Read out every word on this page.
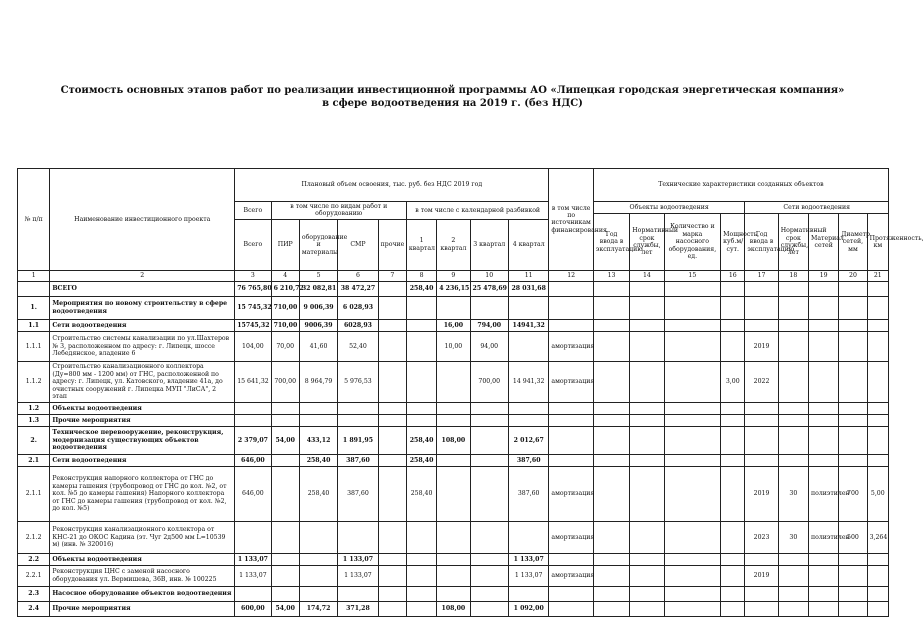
Стоимость основных этапов работ по реализации инвестиционной программы АО «Липецкая городская энергетическая компания»
в сфере водоотведения на 2019 г. (без НДС)
№ п/п	Наименование инвестиционного проекта	Плановый объем освоения, тыс. руб. без НДС 2019 год									в том числе по источникам финансирования	Технические характеристики созданных объектов								
		Всего	в том числе по видам работ и оборудованию				в том числе с календарной разбивкой					Объекты водоотведения				Сети водоотведения				
												Год ввода в эксплуатацию	Нормативный срок службы, лет	Количество и марка насосного оборудования, ед.	Мощность, куб.м/сут.	Год ввода в эксплуатацию	Нормативный срок службы, лет	Материал сетей	Диаметр сетей, мм	Протяженность, км
		Всего	ПИР	оборудование и материалы	СМР	прочие	1 квартал	2 квартал	3 квартал	4 квартал										
1	2	3	4	5	6	7	8	9	10	11	12	13	14	15	16	17	18	19	20	21
	ВСЕГО	76 765,80	6 210,72	32 082,81	38 472,27		258,40	4 236,15	25 478,69	28 031,68										
1.	Мероприятия по новому строительству в сфере водоотведения	15 745,32	710,00	9 006,39	6 028,93															
1.1	Сети водоотведения	15745,32	710,00	9006,39	6028,93			16,00	794,00	14941,32										
1.1.1	Строительство системы канализации по ул.Шахтеров № 3, расположенном по адресу: г. Липецк, шоссе Лебедянское, владение 6	104,00	70,00	41,60	52,40			10,00	94,00		амортизация					2019				
1.1.2	Строительство канализационного коллектора (Ду=800 мм - 1200 мм) от ГНС, расположенной по адресу: г. Липецк, ул. Катовского, владение 41а, до очистных сооружений г. Липецка МУП "ЛиСА", 2 этап	15 641,32	700,00	8 964,79	5 976,53				700,00	14 941,32	амортизация				3,00	2022				
1.2	Объекты водоотведения																			
1.3	Прочие мероприятия																			
2.	Техническое перевооружение, реконструкция, модернизация существующих объектов водоотведения	2 379,07	54,00	433,12	1 891,95		258,40	108,00		2 012,67										
2.1	Сети водоотведения	646,00		258,40	387,60		258,40			387,60										
2.1.1	Реконструкция напорного коллектора от ГНС до камеры гашения (трубопровод от ГНС до кол. №2, от кол. №5 до камеры гашения) Напорного коллектора от ГНС до камеры гашения (трубопровод от кол. №2, до кол. №5)	646,00		258,40	387,60		258,40			387,60	амортизация					2019	30	полиэтилен	700	5,00
2.1.2	Реконструкция канализационного коллектора от КНС-21 до ОКОС Кадина (эт. Чуг 2д500 мм L=10539 м) (инв. № 320016)										амортизация					2023	30	полиэтилен	500	3,264
2.2	Объекты водоотведения	1 133,07			1 133,07					1 133,07										
2.2.1	Реконструкция ЦНС с заменой насосного оборудования ул. Вермишева, 36В, инв. № 100225	1 133,07			1 133,07					1 133,07	амортизация					2019				
2.3	Насосное оборудование объектов водоотведения																			
2.4	Прочие мероприятия	600,00	54,00	174,72	371,28			108,00		1 092,00										
